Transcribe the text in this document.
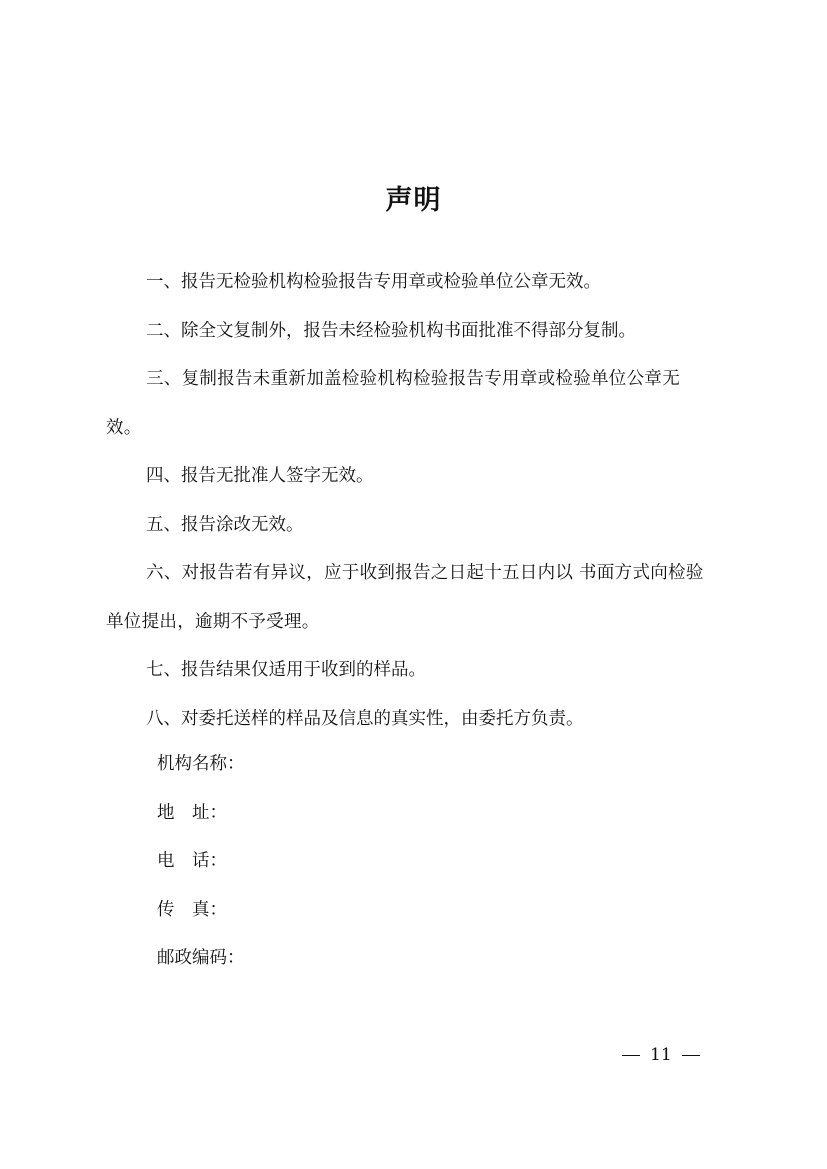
声明

一、报告无检验机构检验报告专用章或检验单位公章无效。

二、除全文复制外，报告未经检验机构书面批准不得部分复制。

三、复制报告未重新加盖检验机构检验报告专用章或检验单位公章无效。

四、报告无批准人签字无效。

五、报告涂改无效。

六、对报告若有异议，应于收到报告之日起十五日内以 书面方式向检验单位提出，逾期不予受理。

七、报告结果仅适用于收到的样品。

八、对委托送样的样品及信息的真实性，由委托方负责。

机构名称 ：
地　址 ：
电　话 ：
传　真 ：
邮政编码 ：
11
